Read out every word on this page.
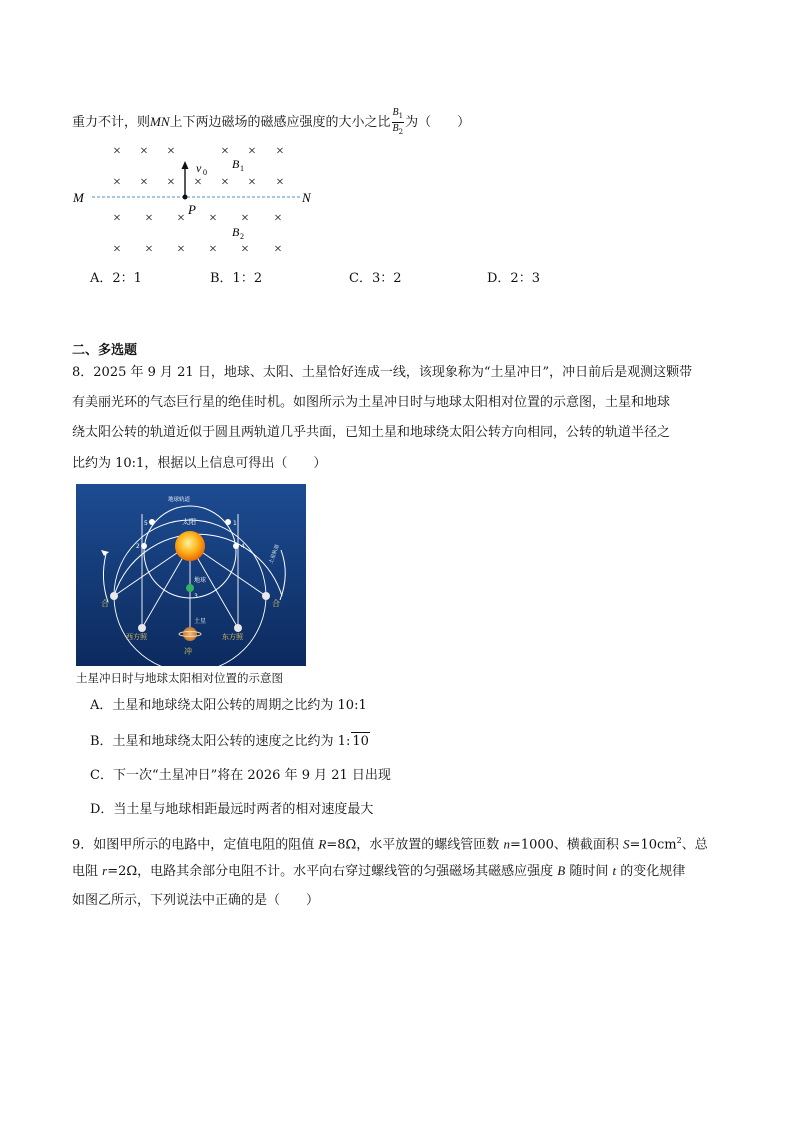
重力不计，则MN上下两边磁场的磁感应强度的大小之比 $\frac{B_1}{B_2}$ 为（　　）
× × ×	× × ×
× × × × × × ×
× × × × × ×
× × × × × ×
M	N
P
v 0
B 1
B 2
A．2：1	B．1：2	C．3：2	D．2：3
二、多选题
8．2025 年 9 月 21 日，地球、太阳、土星恰好连成一线，该现象称为“土星冲日”，冲日前后是观测这颗带
有美丽光环的气态巨行星的绝佳时机。如图所示为土星冲日时与地球太阳相对位置的示意图，土星和地球
绕太阳公转的轨道近似于圆且两轨道几乎共面，已知土星和地球绕太阳公转方向相同，公转的轨道半径之
比约为 10:1，根据以上信息可得出（　　）
太阳
地球轨道
土星轨道
地球
1
2
3
4
5
合	合
土星
西方照	东方照
冲
土星冲日时与地球太阳相对位置的示意图
A．土星和地球绕太阳公转的周期之比约为 10:1
B．土星和地球绕太阳公转的速度之比约为 1: 10
C．下一次“土星冲日”将在 2026 年 9 月 21 日出现
D．当土星与地球相距最远时两者的相对速度最大
9．如图甲所示的电路中，定值电阻的阻值 R=8Ω，水平放置的螺线管匝数 n=1000、横截面积 $S=10cm^2$、总
电阻 r=2Ω，电路其余部分电阻不计。水平向右穿过螺线管的匀强磁场其磁感应强度 B 随时间 t 的变化规律
如图乙所示，下列说法中正确的是（　　）
